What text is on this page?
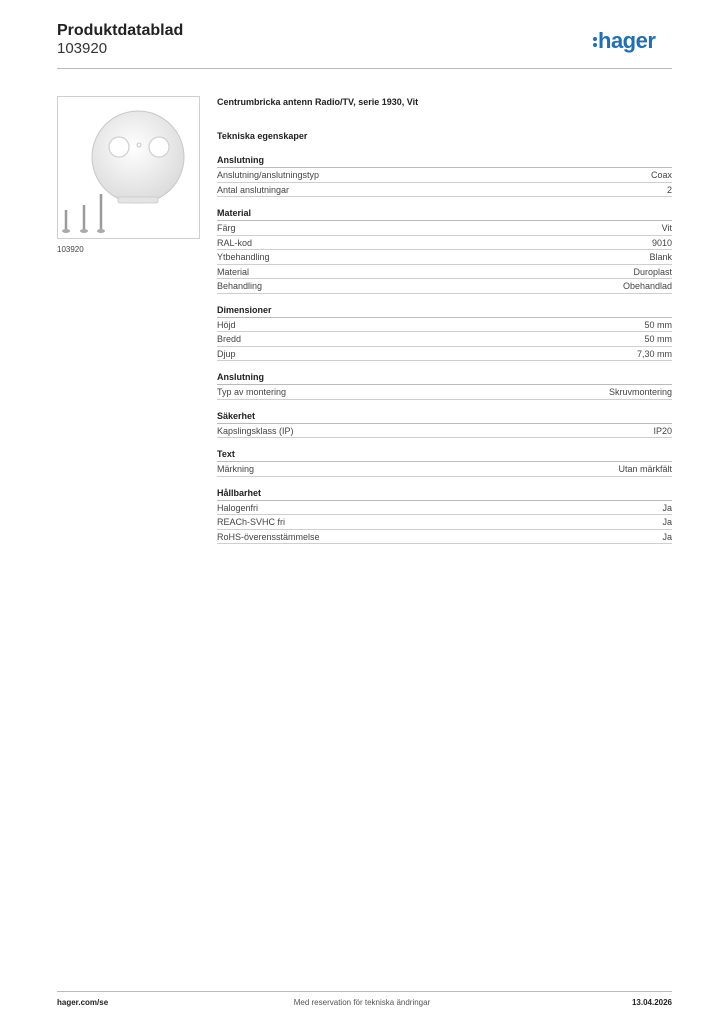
Produktdatablad
103920	hager
103920
Centrumbricka antenn Radio/TV, serie 1930, Vit
Tekniska egenskaper
Anslutning
Anslutning/anslutningstyp	Coax
Antal anslutningar	2
Material
Färg	Vit
RAL-kod	9010
Ytbehandling	Blank
Material	Duroplast
Behandling	Obehandlad
Dimensioner
Höjd	50 mm
Bredd	50 mm
Djup	7,30 mm
Anslutning
Typ av montering	Skruvmontering
Säkerhet
Kapslingsklass (IP)	IP20
Text
Märkning	Utan märkfält
Hållbarhet
Halogenfri	Ja
REACh-SVHC fri	Ja
RoHS-överensstämmelse	Ja
hager.com/se	Med reservation för tekniska ändringar	13.04.2026
